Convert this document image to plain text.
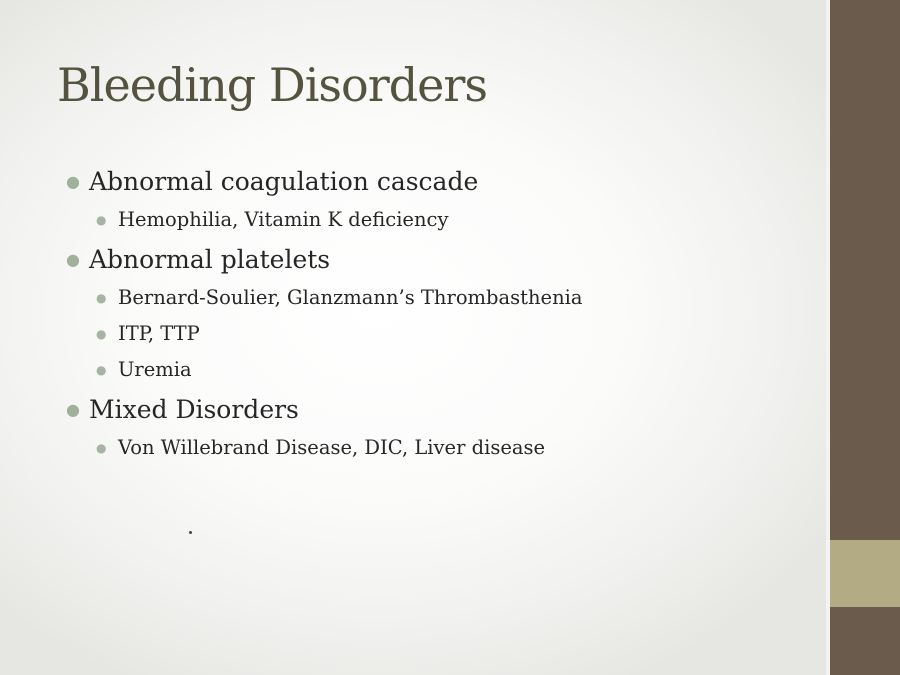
Bleeding Disorders
● Abnormal coagulation cascade
● Hemophilia, Vitamin K deficiency
● Abnormal platelets
● Bernard-Soulier, Glanzmann’s Thrombasthenia
● ITP, TTP
● Uremia
● Mixed Disorders
● Von Willebrand Disease, DIC, Liver disease
